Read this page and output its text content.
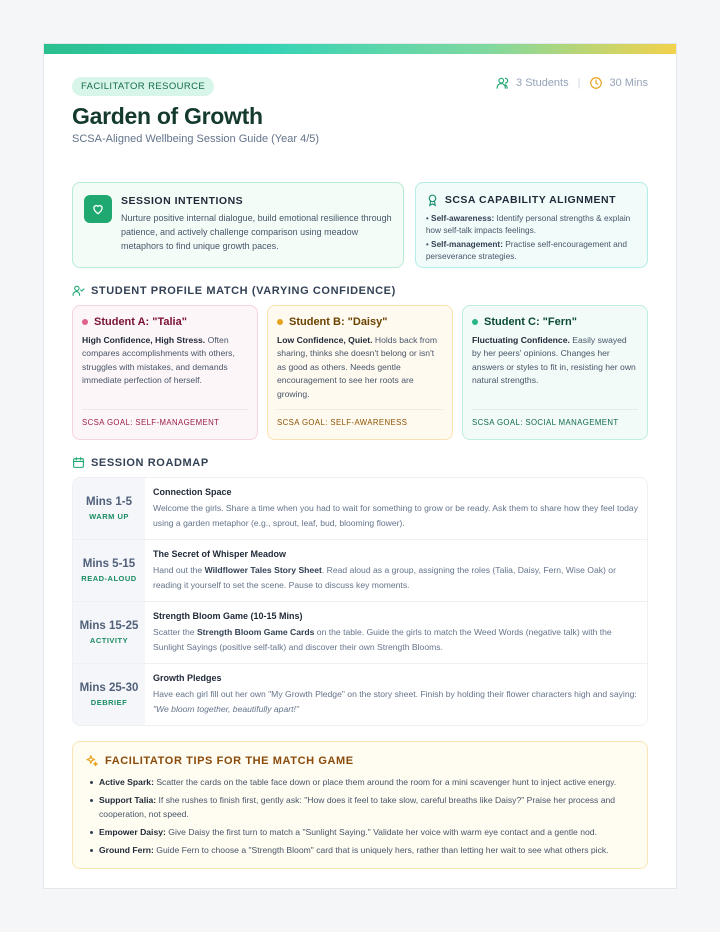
FACILITATOR RESOURCE	3 Students |	30 Mins
Garden of Growth
SCSA-Aligned Wellbeing Session Guide (Year 4/5)
SESSION INTENTIONS

Nurture positive internal dialogue, build emotional resilience through patience, and actively challenge comparison using meadow metaphors to find unique growth paces.

SCSA CAPABILITY ALIGNMENT

• Self-awareness: Identify personal strengths & explain how self-talk impacts feelings.

• Self-management: Practise self-encouragement and perseverance strategies.

STUDENT PROFILE MATCH (VARYING CONFIDENCE)
Student A: "Talia"

High Confidence, High Stress. Often compares accomplishments with others, struggles with mistakes, and demands immediate perfection of herself.

SCSA GOAL: SELF-MANAGEMENT
Student B: "Daisy"

Low Confidence, Quiet. Holds back from sharing, thinks she doesn't belong or isn't as good as others. Needs gentle encouragement to see her roots are growing.

SCSA GOAL: SELF-AWARENESS
Student C: "Fern"

Fluctuating Confidence. Easily swayed by her peers' opinions. Changes her answers or styles to fit in, resisting her own natural strengths.

SCSA GOAL: SOCIAL MANAGEMENT
SESSION ROADMAP
Mins 1-5
WARM UP
Connection Space
Welcome the girls. Share a time when you had to wait for something to grow or be ready. Ask them to share how they feel today using a garden metaphor (e.g., sprout, leaf, bud, blooming flower).
Mins 5-15
READ-ALOUD
The Secret of Whisper Meadow
Hand out the Wildflower Tales Story Sheet. Read aloud as a group, assigning the roles (Talia, Daisy, Fern, Wise Oak) or reading it yourself to set the scene. Pause to discuss key moments.
Mins 15-25
ACTIVITY
Strength Bloom Game (10-15 Mins)
Scatter the Strength Bloom Game Cards on the table. Guide the girls to match the Weed Words (negative talk) with the Sunlight Sayings (positive self-talk) and discover their own Strength Blooms.
Mins 25-30
DEBRIEF
Growth Pledges
Have each girl fill out her own "My Growth Pledge" on the story sheet. Finish by holding their flower characters high and saying: "We bloom together, beautifully apart!"
FACILITATOR TIPS FOR THE MATCH GAME
Active Spark: Scatter the cards on the table face down or place them around the room for a mini scavenger hunt to inject active energy.
Support Talia: If she rushes to finish first, gently ask: "How does it feel to take slow, careful breaths like Daisy?" Praise her process and cooperation, not speed.
Empower Daisy: Give Daisy the first turn to match a "Sunlight Saying." Validate her voice with warm eye contact and a gentle nod.
Ground Fern: Guide Fern to choose a "Strength Bloom" card that is uniquely hers, rather than letting her wait to see what others pick.
